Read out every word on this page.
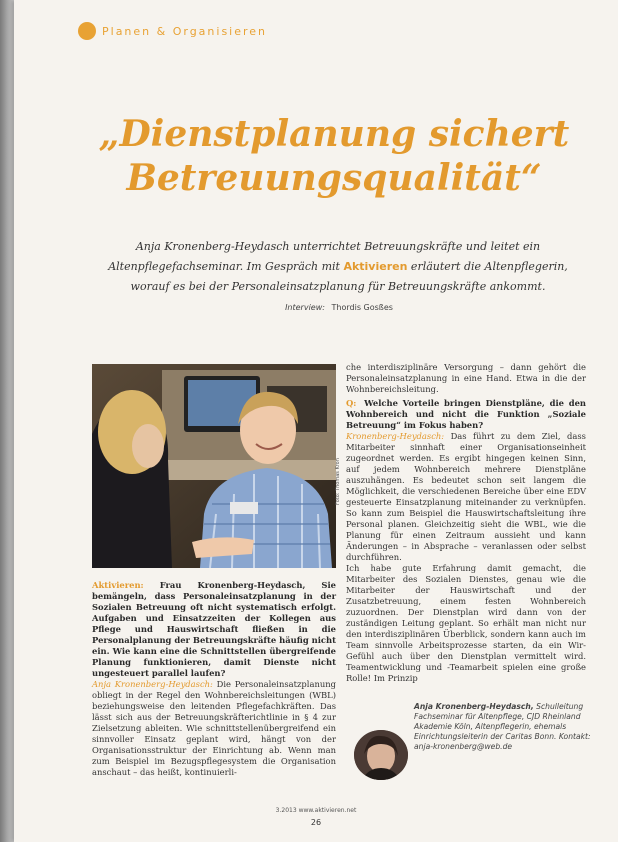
Planen & Organisieren
„Dienstplanung sichert
Betreuungsqualität“

Anja Kronenberg-Heydasch unterrichtet Betreuungskräfte und leitet ein Altenpflegefachseminar. Im Gespräch mit Aktivieren erläutert die Altenpflegerin, worauf es bei der Personaleinsatzplanung für Betreuungskräfte ankommt.

Interview: Thordis Gosßes
Foto: Thomas Kron

Aktivieren: Frau Kronenberg-Heydasch, Sie bemängeln, dass Personaleinsatzplanung in der Sozialen Betreuung oft nicht systematisch erfolgt. Aufgaben und Einsatzzeiten der Kollegen aus Pflege und Hauswirtschaft fließen in die Personalplanung der Betreuungskräfte häufig nicht ein. Wie kann eine die Schnittstellen übergreifende Planung funktionieren, damit Dienste nicht ungesteuert parallel laufen?

Anja Kronenberg-Heydasch: Die Personaleinsatzplanung obliegt in der Regel den Wohnbereichsleitungen (WBL) beziehungsweise den leitenden Pflegefachkräften. Das lässt sich aus der Betreuungskräfterichtlinie in § 4 zur Zielsetzung ableiten. Wie schnittstellenübergreifend ein sinnvoller Einsatz geplant wird, hängt von der Organisationsstruktur der Einrichtung ab. Wenn man zum Beispiel im Bezugspflegesystem die Organisation anschaut – das heißt, kontinuierli-

che interdisziplinäre Versorgung – dann gehört die Personaleinsatzplanung in eine Hand. Etwa in die der Wohnbereichsleitung.

Q: Welche Vorteile bringen Dienstpläne, die den Wohnbereich und nicht die Funktion „Soziale Betreuung“ im Fokus haben?

Kronenberg-Heydasch: Das führt zu dem Ziel, dass Mitarbeiter sinnhaft einer Organisationseinheit zugeordnet werden. Es ergibt hingegen keinen Sinn, auf jedem Wohnbereich mehrere Dienstpläne auszuhängen. Es bedeutet schon seit langem die Möglichkeit, die verschiedenen Bereiche über eine EDV gesteuerte Einsatzplanung miteinander zu verknüpfen. So kann zum Beispiel die Hauswirtschaftsleitung ihre Personal planen. Gleichzeitig sieht die WBL, wie die Planung für einen Zeitraum aussieht und kann Änderungen – in Absprache – veranlassen oder selbst durchführen.

Ich habe gute Erfahrung damit gemacht, die Mitarbeiter des Sozialen Dienstes, genau wie die Mitarbeiter der Hauswirtschaft und der Zusatzbetreuung, einem festen Wohnbereich zuzuordnen. Der Dienstplan wird dann von der zuständigen Leitung geplant. So erhält man nicht nur den interdisziplinären Überblick, sondern kann auch im Team sinnvolle Arbeitsprozesse starten, da ein Wir-Gefühl auch über den Dienstplan vermittelt wird. Teamentwicklung und -Teamarbeit spielen eine große Rolle! Im Prinzip

Anja Kronenberg-Heydasch, Schulleitung Fachseminar für Altenpflege, CJD Rheinland Akademie Köln, Altenpflegerin, ehemals Einrichtungsleiterin der Caritas Bonn. Kontakt: anja-kronenberg@web.de

3.2013 www.aktivieren.net
26
